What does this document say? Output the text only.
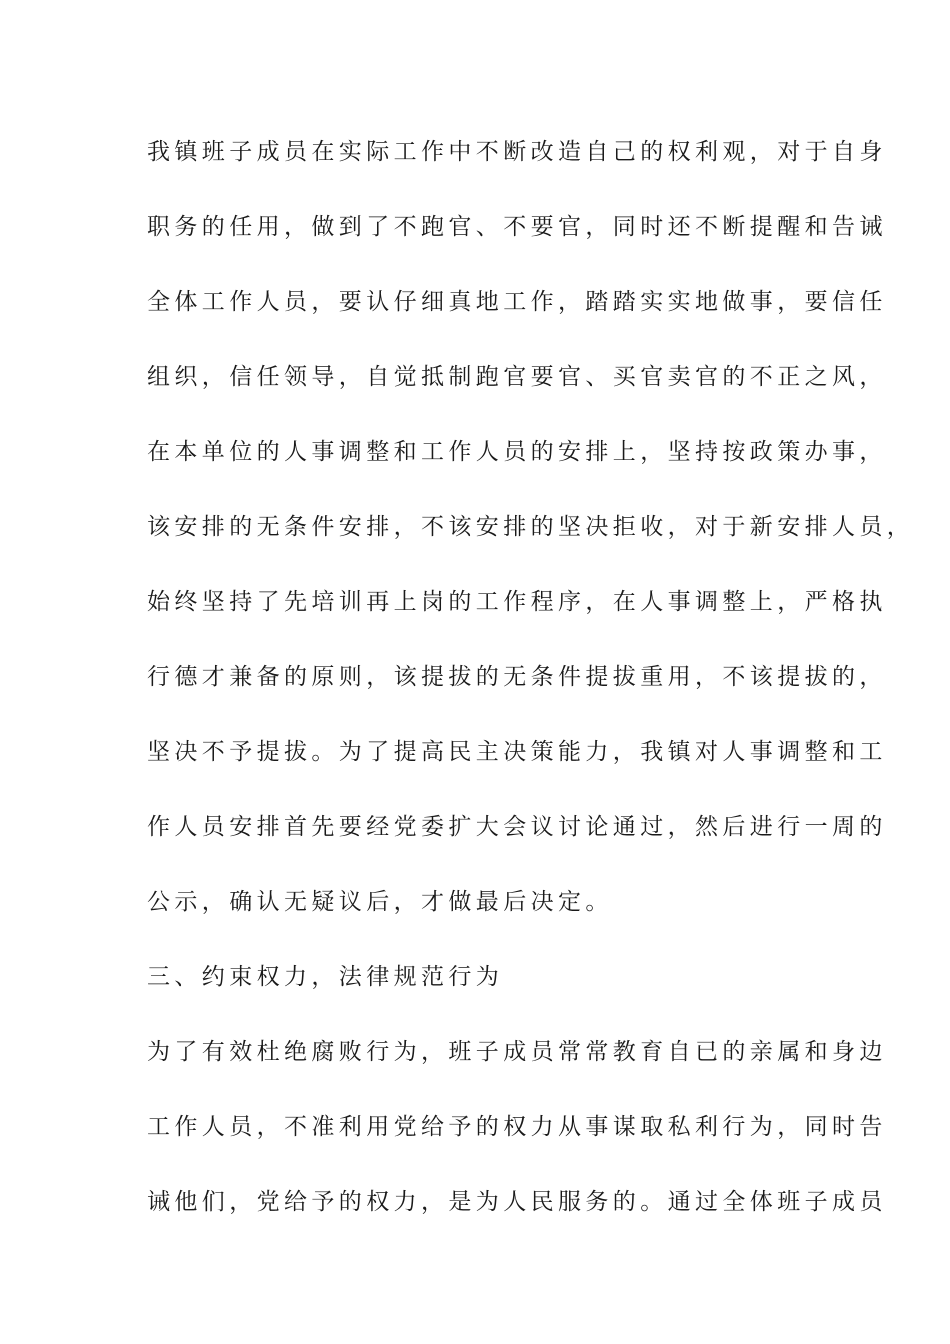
我镇班子成员在实际工作中不断改造自己的权利观，对于自身
职务的任用，做到了不跑官、不要官，同时还不断提醒和告诫
全体工作人员，要认仔细真地工作，踏踏实实地做事，要信任
组织，信任领导，自觉抵制跑官要官、买官卖官的不正之风，
在本单位的人事调整和工作人员的安排上，坚持按政策办事，
该安排的无条件安排，不该安排的坚决拒收，对于新安排人员，
始终坚持了先培训再上岗的工作程序，在人事调整上，严格执
行德才兼备的原则，该提拔的无条件提拔重用，不该提拔的，
坚决不予提拔。为了提高民主决策能力，我镇对人事调整和工
作人员安排首先要经党委扩大会议讨论通过，然后进行一周的
公示，确认无疑议后，才做最后决定。
三、约束权力，法律规范行为
为了有效杜绝腐败行为，班子成员常常教育自已的亲属和身边
工作人员，不准利用党给予的权力从事谋取私利行为，同时告
诫他们，党给予的权力，是为人民服务的。通过全体班子成员
